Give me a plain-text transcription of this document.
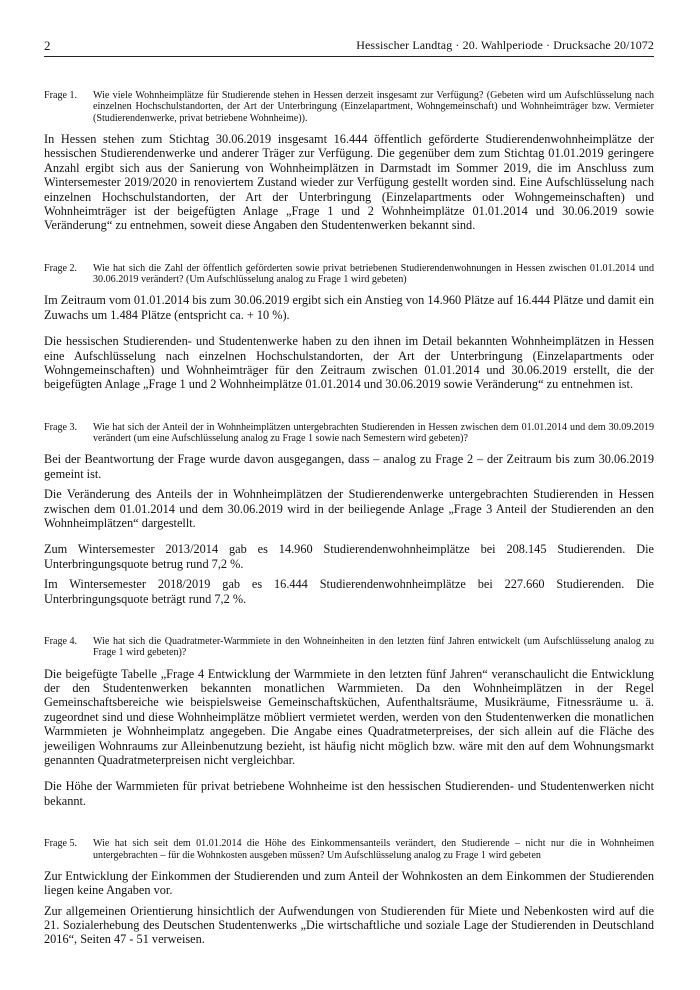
2	Hessischer Landtag · 20. Wahlperiode · Drucksache 20/1072
Frage 1.	Wie viele Wohnheimplätze für Studierende stehen in Hessen derzeit insgesamt zur Verfügung? (Gebeten wird um Aufschlüsselung nach einzelnen Hochschulstandorten, der Art der Unterbringung (Einzelapartment, Wohngemeinschaft) und Wohnheimträger bzw. Vermieter (Studierendenwerke, privat betriebene Wohnheime)).

In Hessen stehen zum Stichtag 30.06.2019 insgesamt 16.444 öffentlich geförderte Studierendenwohnheimplätze der hessischen Studierendenwerke und anderer Träger zur Verfügung. Die gegenüber dem zum Stichtag 01.01.2019 geringere Anzahl ergibt sich aus der Sanierung von Wohnheimplätzen in Darmstadt im Sommer 2019, die im Anschluss zum Wintersemester 2019/2020 in renoviertem Zustand wieder zur Verfügung gestellt worden sind. Eine Aufschlüsselung nach einzelnen Hochschulstandorten, der Art der Unterbringung (Einzelapartments oder Wohngemeinschaften) und Wohnheimträger ist der beigefügten Anlage „Frage 1 und 2 Wohnheimplätze 01.01.2014 und 30.06.2019 sowie Veränderung“ zu entnehmen, soweit diese Angaben den Studentenwerken bekannt sind.

Frage 2.	Wie hat sich die Zahl der öffentlich geförderten sowie privat betriebenen Studierendenwohnungen in Hessen zwischen 01.01.2014 und 30.06.2019 verändert? (Um Aufschlüsselung analog zu Frage 1 wird gebeten)

Im Zeitraum vom 01.01.2014 bis zum 30.06.2019 ergibt sich ein Anstieg von 14.960 Plätze auf 16.444 Plätze und damit ein Zuwachs um 1.484 Plätze (entspricht ca. + 10 %).

Die hessischen Studierenden- und Studentenwerke haben zu den ihnen im Detail bekannten Wohnheimplätzen in Hessen eine Aufschlüsselung nach einzelnen Hochschulstandorten, der Art der Unterbringung (Einzelapartments oder Wohngemeinschaften) und Wohnheimträger für den Zeitraum zwischen 01.01.2014 und 30.06.2019 erstellt, die der beigefügten Anlage „Frage 1 und 2 Wohnheimplätze 01.01.2014 und 30.06.2019 sowie Veränderung“ zu entnehmen ist.

Frage 3.	Wie hat sich der Anteil der in Wohnheimplätzen untergebrachten Studierenden in Hessen zwischen dem 01.01.2014 und dem 30.09.2019 verändert (um eine Aufschlüsselung analog zu Frage 1 sowie nach Semestern wird gebeten)?

Bei der Beantwortung der Frage wurde davon ausgegangen, dass – analog zu Frage 2 – der Zeitraum bis zum 30.06.2019 gemeint ist.

Die Veränderung des Anteils der in Wohnheimplätzen der Studierendenwerke untergebrachten Studierenden in Hessen zwischen dem 01.01.2014 und dem 30.06.2019 wird in der beiliegende Anlage „Frage 3 Anteil der Studierenden an den Wohnheimplätzen“ dargestellt.

Zum Wintersemester 2013/2014 gab es 14.960 Studierendenwohnheimplätze bei 208.145 Studierenden. Die Unterbringungsquote betrug rund 7,2 %.

Im Wintersemester 2018/2019 gab es 16.444 Studierendenwohnheimplätze bei 227.660 Studierenden. Die Unterbringungsquote beträgt rund 7,2 %.

Frage 4.	Wie hat sich die Quadratmeter-Warmmiete in den Wohneinheiten in den letzten fünf Jahren entwickelt (um Aufschlüsselung analog zu Frage 1 wird gebeten)?

Die beigefügte Tabelle „Frage 4 Entwicklung der Warmmiete in den letzten fünf Jahren“ veranschaulicht die Entwicklung der den Studentenwerken bekannten monatlichen Warmmieten. Da den Wohnheimplätzen in der Regel Gemeinschaftsbereiche wie beispielsweise Gemeinschaftsküchen, Aufenthaltsräume, Musikräume, Fitnessräume u. ä. zugeordnet sind und diese Wohnheimplätze möbliert vermietet werden, werden von den Studentenwerken die monatlichen Warmmieten je Wohnheimplatz angegeben. Die Angabe eines Quadratmeterpreises, der sich allein auf die Fläche des jeweiligen Wohnraums zur Alleinbenutzung bezieht, ist häufig nicht möglich bzw. wäre mit den auf dem Wohnungsmarkt genannten Quadratmeterpreisen nicht vergleichbar.

Die Höhe der Warmmieten für privat betriebene Wohnheime ist den hessischen Studierenden- und Studentenwerken nicht bekannt.

Frage 5.	Wie hat sich seit dem 01.01.2014 die Höhe des Einkommensanteils verändert, den Studierende – nicht nur die in Wohnheimen untergebrachten – für die Wohnkosten ausgeben müssen? Um Aufschlüsselung analog zu Frage 1 wird gebeten

Zur Entwicklung der Einkommen der Studierenden und zum Anteil der Wohnkosten an dem Einkommen der Studierenden liegen keine Angaben vor.

Zur allgemeinen Orientierung hinsichtlich der Aufwendungen von Studierenden für Miete und Nebenkosten wird auf die 21. Sozialerhebung des Deutschen Studentenwerks „Die wirtschaftliche und soziale Lage der Studierenden in Deutschland 2016“, Seiten 47 - 51 verweisen.
